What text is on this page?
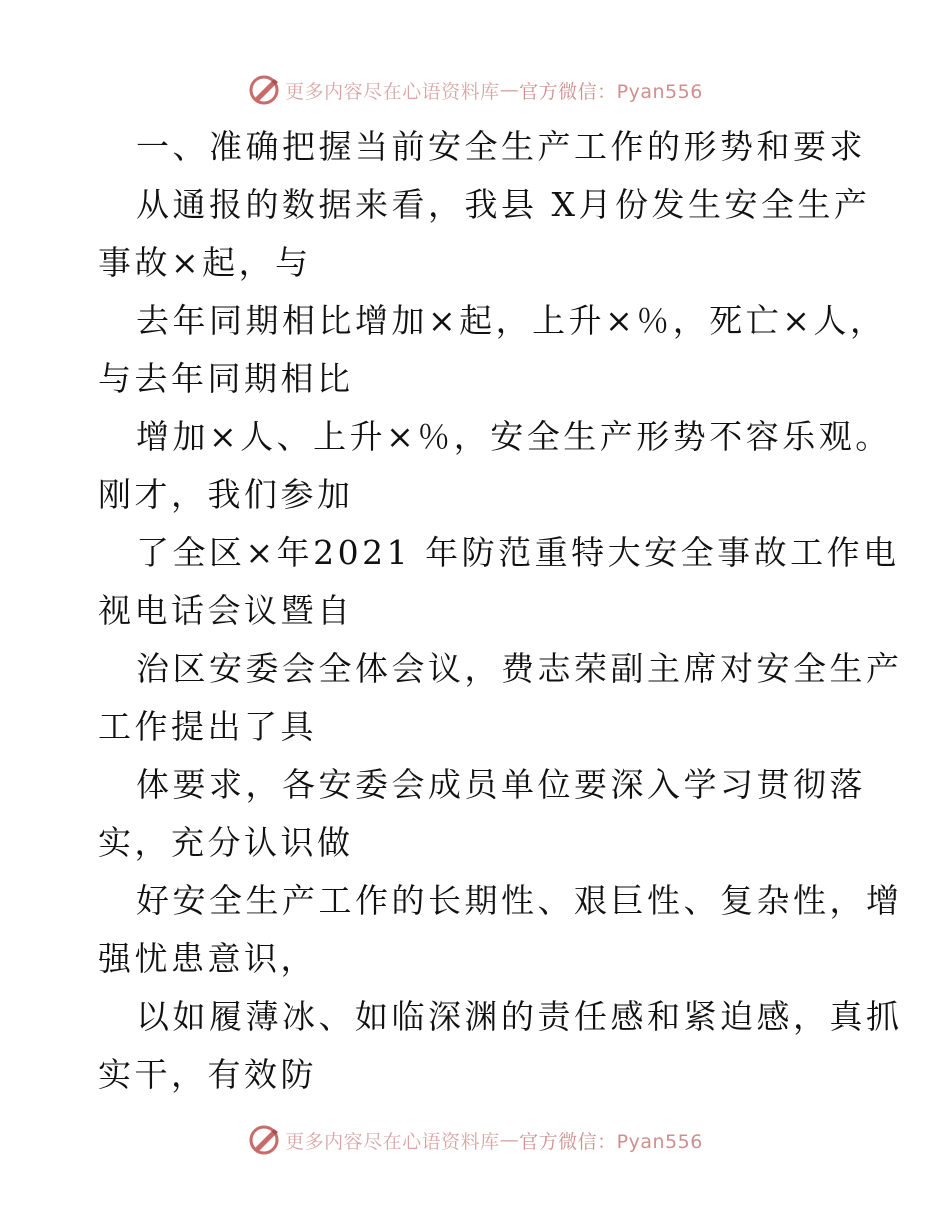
更多内容尽在心语资料库 — 官方微信：Pyan556
一、准确把握当前安全生产工作的形势和要求
从通报的数据来看，我县 X月份发生安全生产
事故×起，与
去年同期相比增加×起，上升×％，死亡×人，
与去年同期相比
增加×人、上升×％，安全生产形势不容乐观。
刚才，我们参加
了全区×年2021 年防范重特大安全事故工作电
视电话会议暨自
治区安委会全体会议，费志荣副主席对安全生产
工作提出了具
体要求，各安委会成员单位要深入学习贯彻落
实，充分认识做
好安全生产工作的长期性、艰巨性、复杂性，增
强忧患意识，
以如履薄冰、如临深渊的责任感和紧迫感，真抓
实干，有效防
更多内容尽在心语资料库 — 官方微信：Pyan556
